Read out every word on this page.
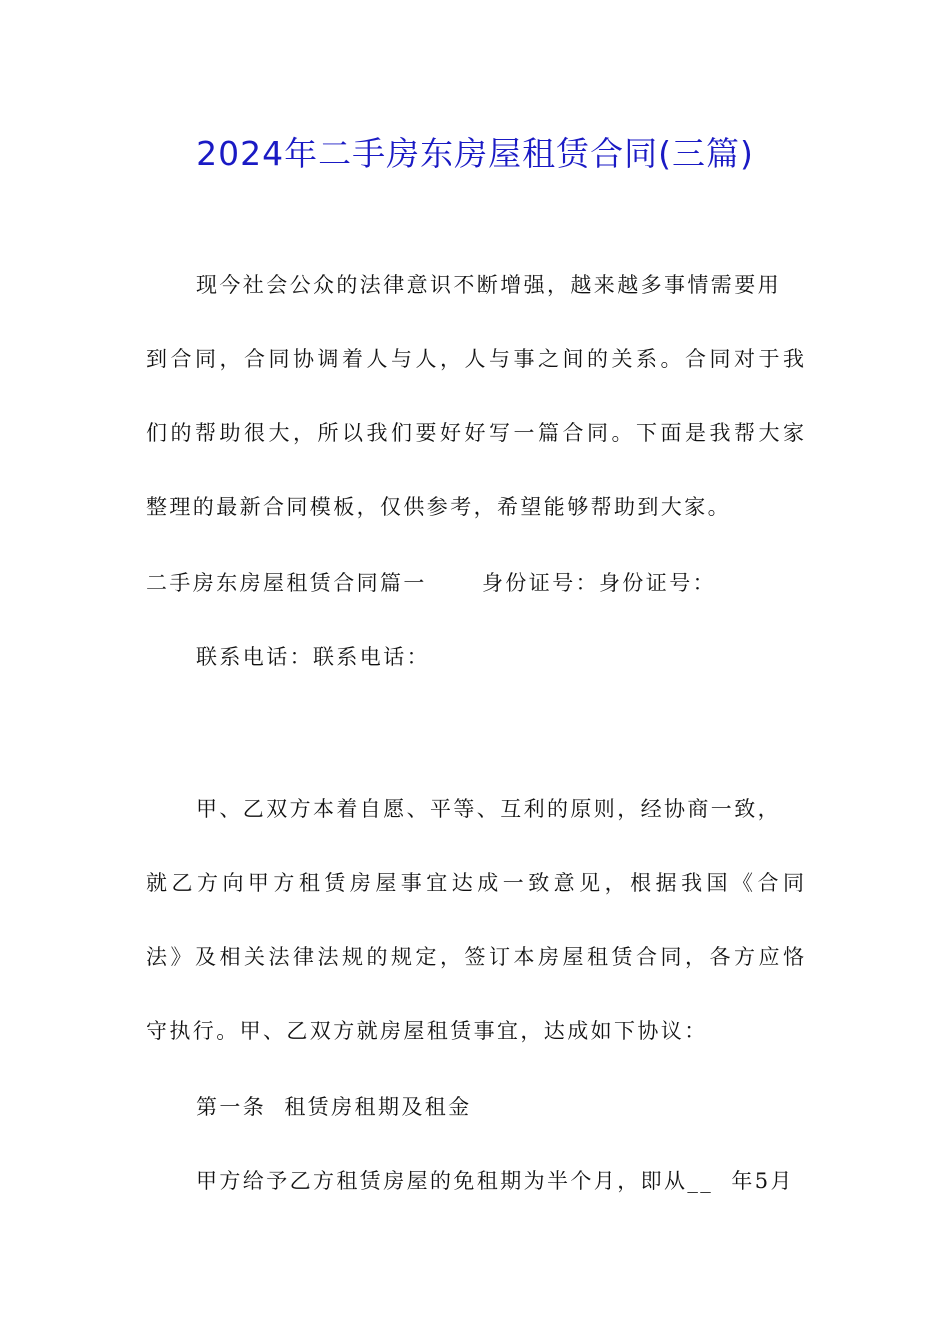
2024年二手房东房屋租赁合同(三篇)
现今社会公众的法律意识不断增强，越来越多事情需要用
到合同，合同协调着人与人，人与事之间的关系。合同对于我
们的帮助很大，所以我们要好好写一篇合同。下面是我帮大家
整理的最新合同模板，仅供参考，希望能够帮助到大家。
二手房东房屋租赁合同篇一	身份证号：身份证号：
联系电话：联系电话：
甲、乙双方本着自愿、平等、互利的原则，经协商一致，
就乙方向甲方租赁房屋事宜达成一致意见，根据我国《合同
法》及相关法律法规的规定，签订本房屋租赁合同，各方应恪
守执行。甲、乙双方就房屋租赁事宜，达成如下协议：
第一条  租赁房租期及租金
甲方给予乙方租赁房屋的免租期为半个月，即从__  年5月
